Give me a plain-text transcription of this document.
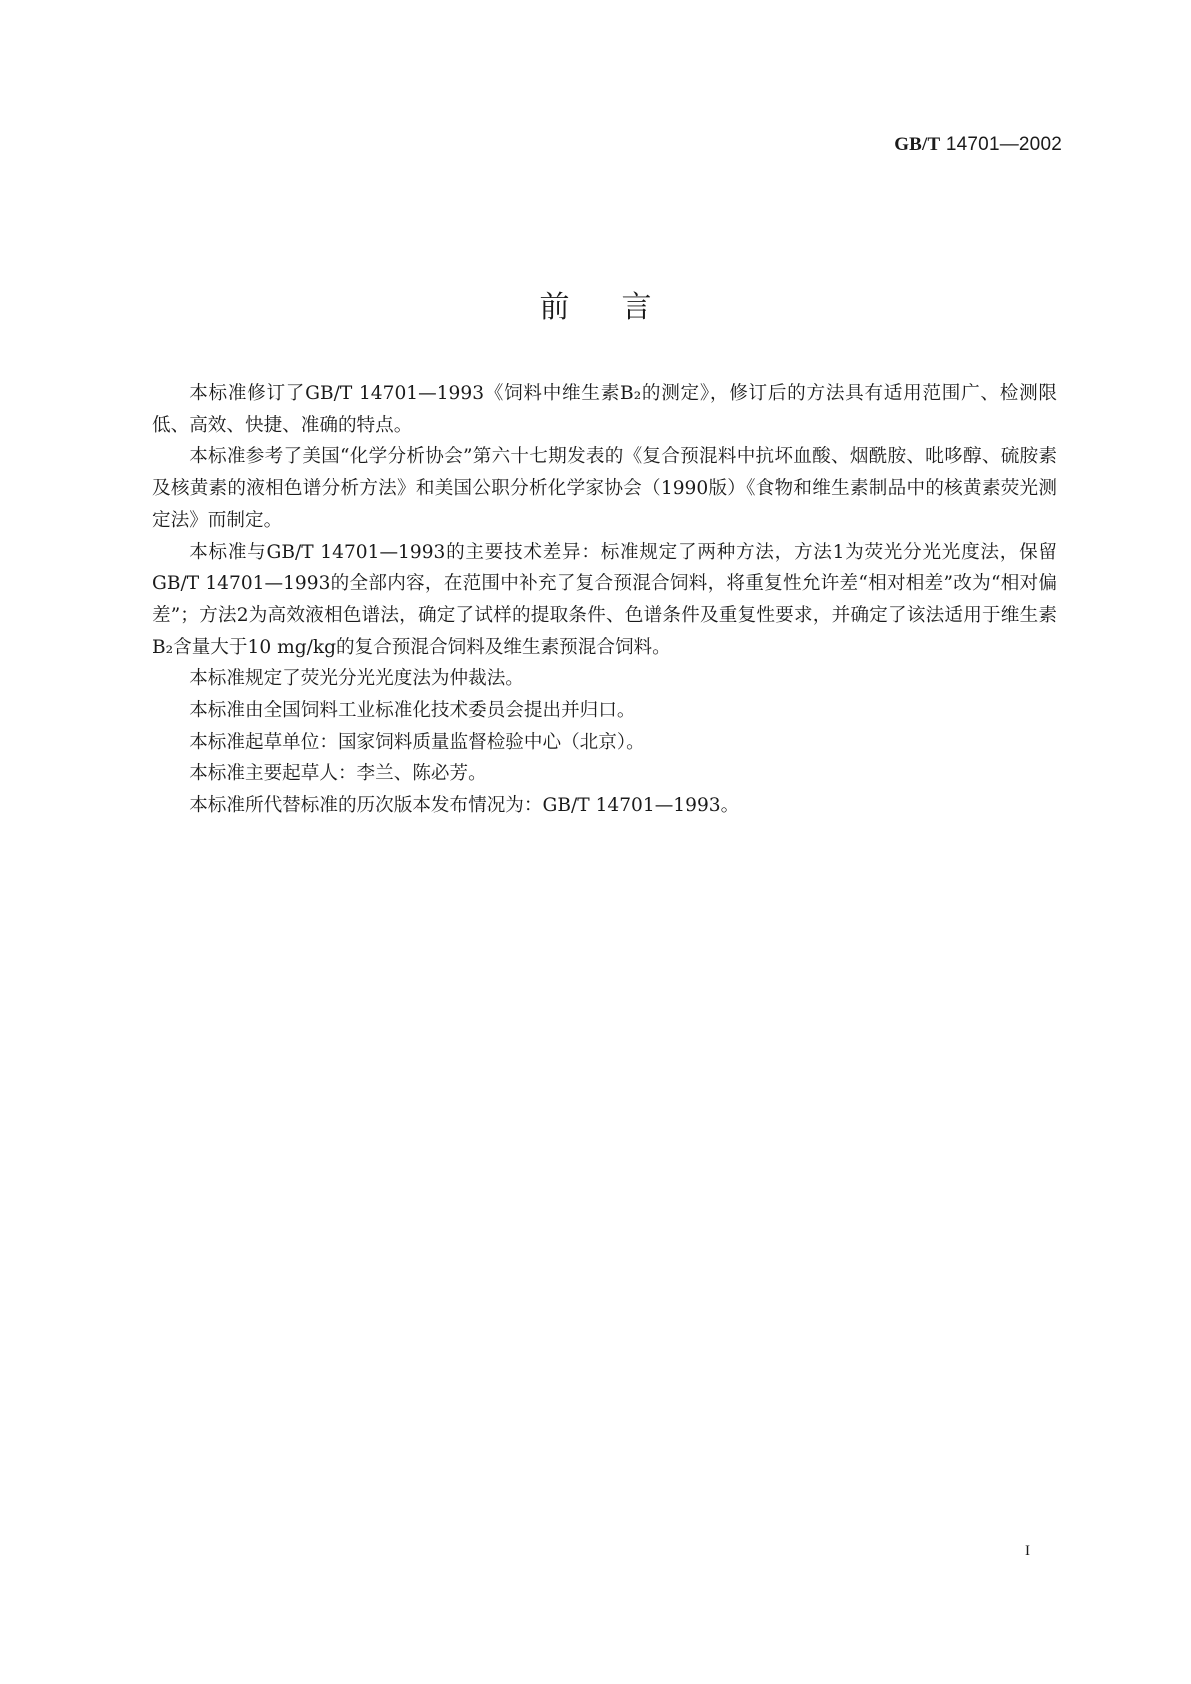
GB/T 14701—2002
前言

本标准修订了GB/T 14701—1993《饲料中维生素B₂的测定》，修订后的方法具有适用范围广、检测限低、高效、快捷、准确的特点。

本标准参考了美国“化学分析协会”第六十七期发表的《复合预混料中抗坏血酸、烟酰胺、吡哆醇、硫胺素及核黄素的液相色谱分析方法》和美国公职分析化学家协会（1990版）《食物和维生素制品中的核黄素荧光测定法》而制定。

本标准与GB/T 14701—1993的主要技术差异：标准规定了两种方法，方法1为荧光分光光度法，保留GB/T 14701—1993的全部内容，在范围中补充了复合预混合饲料，将重复性允许差“相对相差”改为“相对偏差”；方法2为高效液相色谱法，确定了试样的提取条件、色谱条件及重复性要求，并确定了该法适用于维生素B₂含量大于10 mg/kg的复合预混合饲料及维生素预混合饲料。

本标准规定了荧光分光光度法为仲裁法。

本标准由全国饲料工业标准化技术委员会提出并归口。

本标准起草单位：国家饲料质量监督检验中心（北京）。

本标准主要起草人：李兰、陈必芳。

本标准所代替标准的历次版本发布情况为：GB/T 14701—1993。

I
